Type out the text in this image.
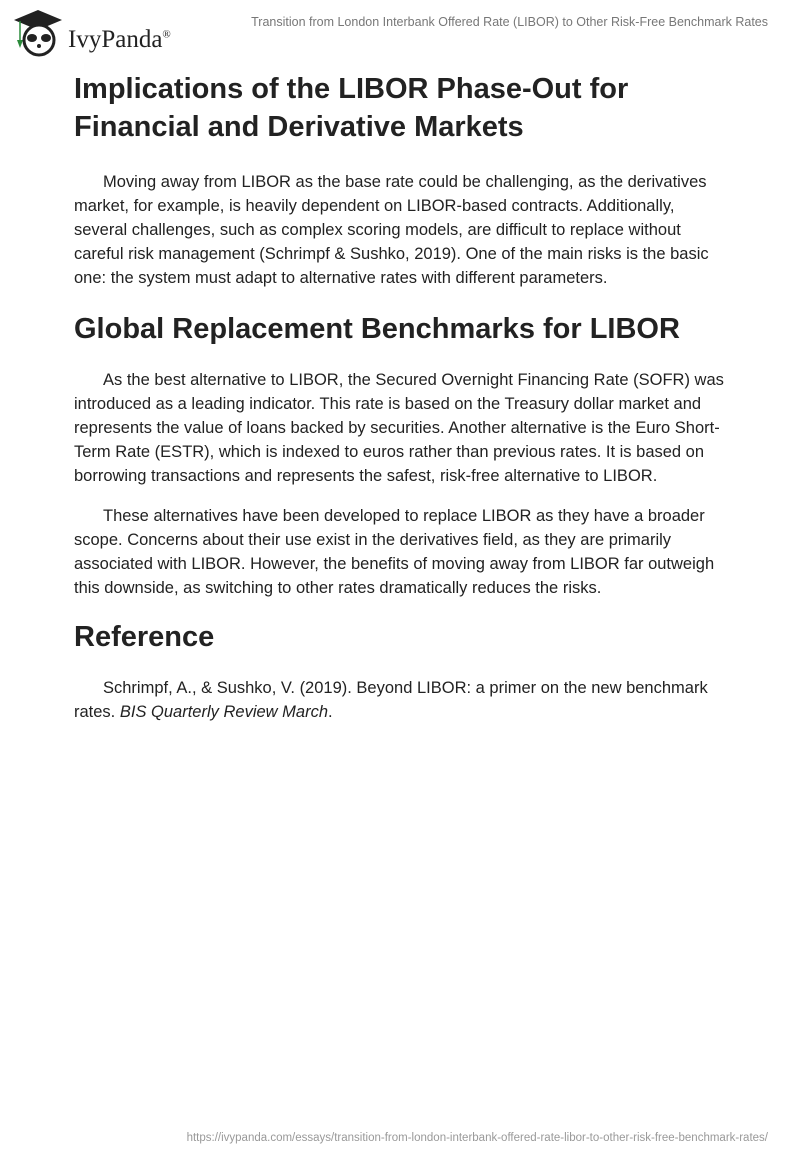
IvyPanda®
Transition from London Interbank Offered Rate (LIBOR) to Other Risk-Free Benchmark Rates
Implications of the LIBOR Phase-Out for Financial and Derivative Markets

Moving away from LIBOR as the base rate could be challenging, as the derivatives market, for example, is heavily dependent on LIBOR-based contracts. Additionally, several challenges, such as complex scoring models, are difficult to replace without careful risk management (Schrimpf & Sushko, 2019). One of the main risks is the basic one: the system must adapt to alternative rates with different parameters.

Global Replacement Benchmarks for LIBOR

As the best alternative to LIBOR, the Secured Overnight Financing Rate (SOFR) was introduced as a leading indicator. This rate is based on the Treasury dollar market and represents the value of loans backed by securities. Another alternative is the Euro Short-Term Rate (ESTR), which is indexed to euros rather than previous rates. It is based on borrowing transactions and represents the safest, risk-free alternative to LIBOR.

These alternatives have been developed to replace LIBOR as they have a broader scope. Concerns about their use exist in the derivatives field, as they are primarily associated with LIBOR. However, the benefits of moving away from LIBOR far outweigh this downside, as switching to other rates dramatically reduces the risks.

Reference

Schrimpf, A., & Sushko, V. (2019). Beyond LIBOR: a primer on the new benchmark rates. BIS Quarterly Review March.

https://ivypanda.com/essays/transition-from-london-interbank-offered-rate-libor-to-other-risk-free-benchmark-rates/
